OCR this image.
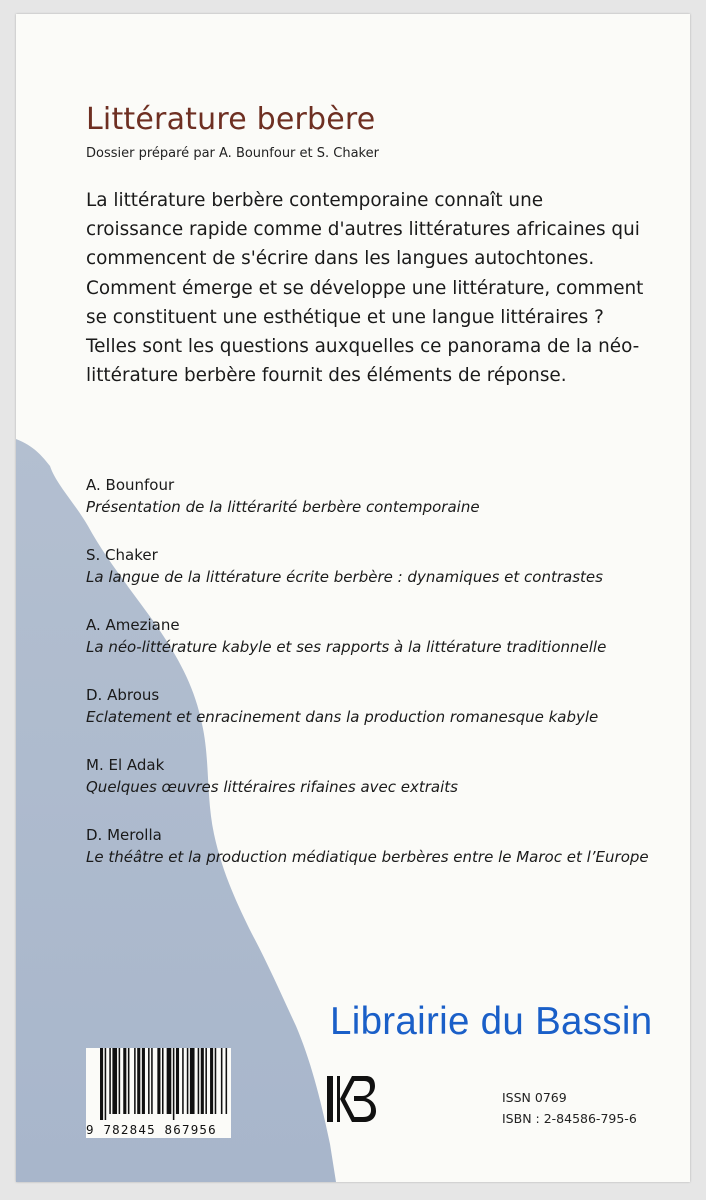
Littérature berbère
Dossier préparé par A. Bounfour et S. Chaker

La littérature berbère contemporaine connaît une croissance rapide comme d'autres littératures africaines qui commencent de s'écrire dans les langues autochtones. Comment émerge et se développe une littérature, comment se constituent une esthétique et une langue littéraires ? Telles sont les questions auxquelles ce panorama de la néo-littérature berbère fournit des éléments de réponse.

A. Bounfour
Présentation de la littérarité berbère contemporaine
S. Chaker
La langue de la littérature écrite berbère : dynamiques et contrastes
A. Ameziane
La néo-littérature kabyle et ses rapports à la littérature traditionnelle
D. Abrous
Eclatement et enracinement dans la production romanesque kabyle
M. El Adak
Quelques œuvres littéraires rifaines avec extraits
D. Merolla
Le théâtre et la production médiatique berbères entre le Maroc et l’Europe
Librairie du Bassin
9 782845 867956
ISSN 0769
ISBN : 2-84586-795-6
